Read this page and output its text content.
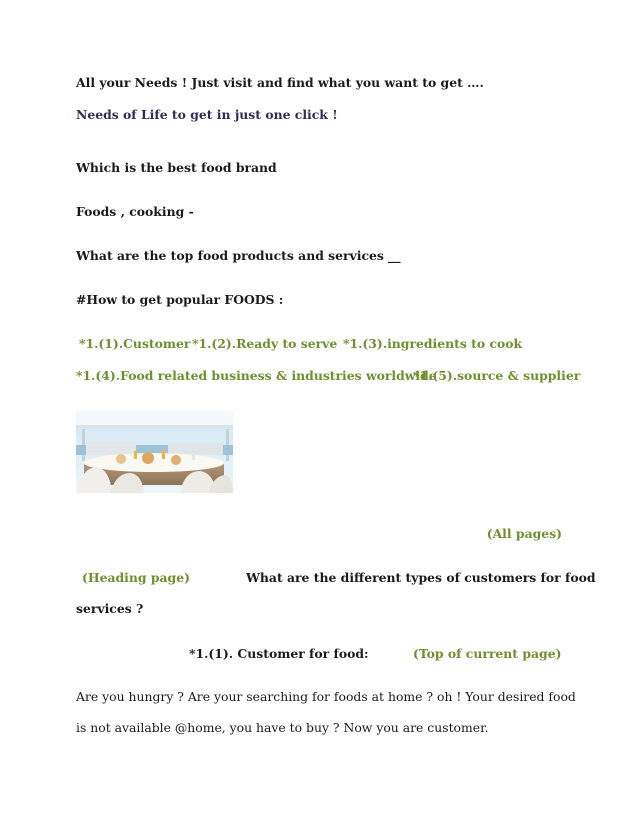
All your Needs ! Just visit and find what you want to get ….
Needs of Life to get in just one click !
Which is the best food brand
Foods , cooking -
What are the top food products and services __
#How to get popular FOODS :
*1.(1).Customer *1.(2).Ready to serve *1.(3).ingredients to cook
*1.(4).Food related business & industries worldwide
*1.(5).source & supplier
(All pages)
(Heading page)	What are the different types of customers for food
services ?
*1.(1). Customer for food:	(Top of current page)
Are you hungry ? Are your searching for foods at home ? oh ! Your desired food
is not available @home, you have to buy ? Now you are customer.
